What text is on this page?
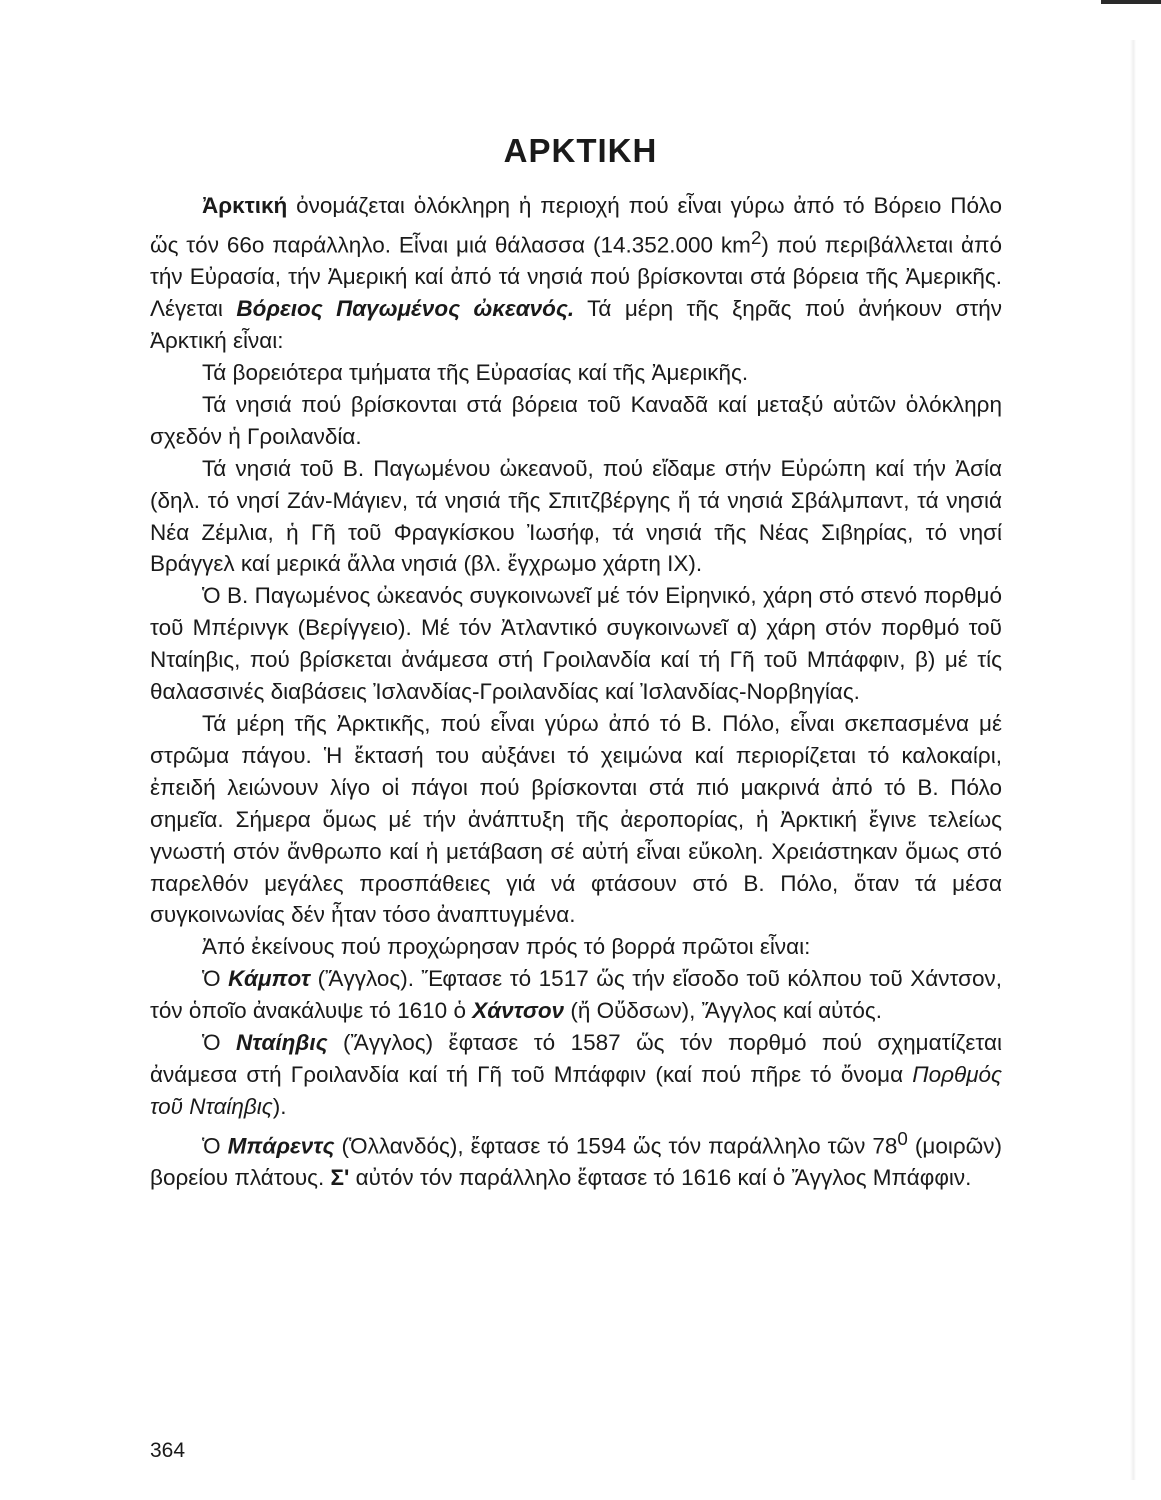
ΑΡΚΤΙΚΗ

Ἀρκτική ὀνομάζεται ὁλόκληρη ἡ περιοχή πού εἶναι γύρω ἀπό τό Βόρειο Πόλο ὥς τόν 66ο παράλληλο. Εἶναι μιά θάλασσα (14.352.000 $km^2$) πού περιβάλλεται ἀπό τήν Εὐρασία, τήν Ἀμερική καί ἀπό τά νησιά πού βρίσκονται στά βόρεια τῆς Ἀμερικῆς. Λέγεται Βόρειος Παγωμένος ὠκεανός. Τά μέρη τῆς ξηρᾶς πού ἀνήκουν στήν Ἀρκτική εἶναι:

Τά βορειότερα τμήματα τῆς Εὐρασίας καί τῆς Ἀμερικῆς.

Τά νησιά πού βρίσκονται στά βόρεια τοῦ Καναδᾶ καί μεταξύ αὐτῶν ὁλόκληρη σχεδόν ἡ Γροιλανδία.

Τά νησιά τοῦ Β. Παγωμένου ὠκεανοῦ, πού εἴδαμε στήν Εὐρώπη καί τήν Ἀσία (δηλ. τό νησί Ζάν-Μάγιεν, τά νησιά τῆς Σπιτζβέργης ἤ τά νησιά Σβάλμπαντ, τά νησιά Νέα Ζέμλια, ἡ Γῆ τοῦ Φραγκίσκου Ἰωσήφ, τά νησιά τῆς Νέας Σιβηρίας, τό νησί Βράγγελ καί μερικά ἄλλα νησιά (βλ. ἔγχρωμο χάρτη ΙΧ).

Ὁ Β. Παγωμένος ὠκεανός συγκοινωνεῖ μέ τόν Εἰρηνικό, χάρη στό στενό πορθμό τοῦ Μπέρινγκ (Βερίγγειο). Μέ τόν Ἀτλαντικό συγκοινωνεῖ α) χάρη στόν πορθμό τοῦ Νταίηβις, πού βρίσκεται ἀνάμεσα στή Γροιλανδία καί τή Γῆ τοῦ Μπάφφιν, β) μέ τίς θαλασσινές διαβάσεις Ἰσλανδίας-Γροιλανδίας καί Ἰσλανδίας-Νορβηγίας.

Τά μέρη τῆς Ἀρκτικῆς, πού εἶναι γύρω ἀπό τό Β. Πόλο, εἶναι σκεπασμένα μέ στρῶμα πάγου. Ἡ ἔκτασή του αὐξάνει τό χειμώνα καί περιορίζεται τό καλοκαίρι, ἐπειδή λειώνουν λίγο οἱ πάγοι πού βρίσκονται στά πιό μακρινά ἀπό τό Β. Πόλο σημεῖα. Σήμερα ὅμως μέ τήν ἀνάπτυξη τῆς ἀεροπορίας, ἡ Ἀρκτική ἔγινε τελείως γνωστή στόν ἄνθρωπο καί ἡ μετάβαση σέ αὐτή εἶναι εὔκολη. Χρειάστηκαν ὅμως στό παρελθόν μεγάλες προσπάθειες γιά νά φτάσουν στό Β. Πόλο, ὅταν τά μέσα συγκοινωνίας δέν ἦταν τόσο ἀναπτυγμένα.

Ἀπό ἐκείνους πού προχώρησαν πρός τό βορρά πρῶτοι εἶναι:

Ὁ Κάμποτ (Ἄγγλος). Ἔφτασε τό 1517 ὥς τήν εἴσοδο τοῦ κόλπου τοῦ Χάντσον, τόν ὁποῖο ἀνακάλυψε τό 1610 ὁ Χάντσον (ἤ Οὔδσων), Ἄγγλος καί αὐτός.

Ὁ Νταίηβις (Ἄγγλος) ἔφτασε τό 1587 ὥς τόν πορθμό πού σχηματίζεται ἀνάμεσα στή Γροιλανδία καί τή Γῆ τοῦ Μπάφφιν (καί πού πῆρε τό ὄνομα Πορθμός τοῦ Νταίηβις).

Ὁ Μπάρεντς (Ὁλλανδός), ἔφτασε τό 1594 ὥς τόν παράλληλο τῶν $78^0$ (μοιρῶν) βορείου πλάτους. Σ' αὐτόν τόν παράλληλο ἔφτασε τό 1616 καί ὁ Ἄγγλος Μπάφφιν.

364
